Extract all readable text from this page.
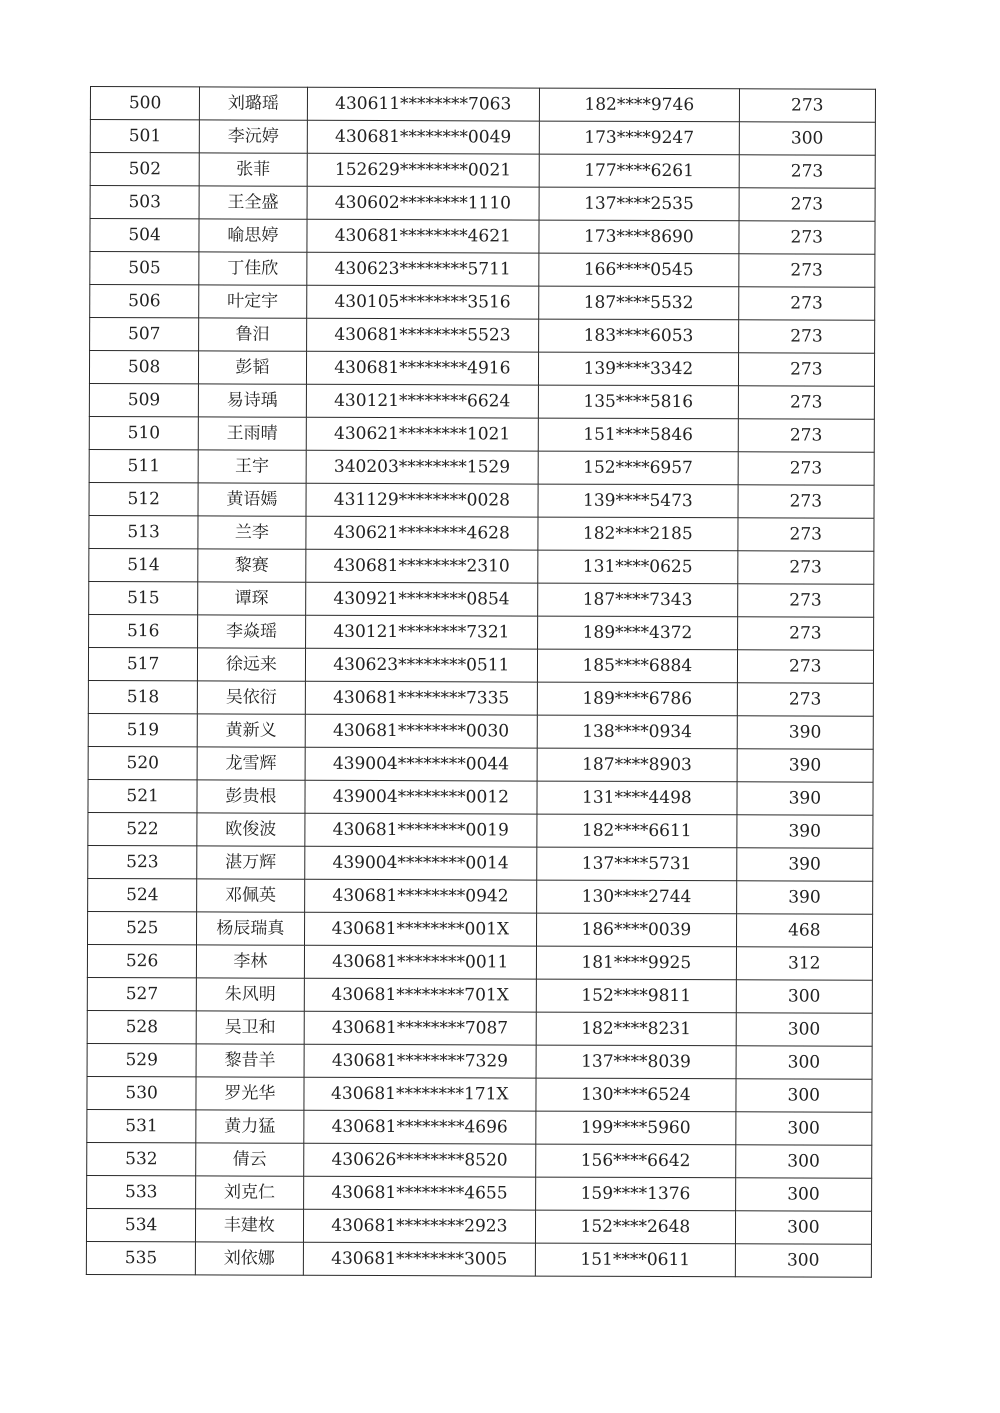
500	刘璐瑶	430611********7063	182****9746	273
501	李沅婷	430681********0049	173****9247	300
502	张菲	152629********0021	177****6261	273
503	王全盛	430602********1110	137****2535	273
504	喻思婷	430681********4621	173****8690	273
505	丁佳欣	430623********5711	166****0545	273
506	叶定宇	430105********3516	187****5532	273
507	鲁汨	430681********5523	183****6053	273
508	彭韬	430681********4916	139****3342	273
509	易诗瑀	430121********6624	135****5816	273
510	王雨晴	430621********1021	151****5846	273
511	王宇	340203********1529	152****6957	273
512	黄语嫣	431129********0028	139****5473	273
513	兰李	430621********4628	182****2185	273
514	黎赛	430681********2310	131****0625	273
515	谭琛	430921********0854	187****7343	273
516	李焱瑶	430121********7321	189****4372	273
517	徐远来	430623********0511	185****6884	273
518	吴依衍	430681********7335	189****6786	273
519	黄新义	430681********0030	138****0934	390
520	龙雪辉	439004********0044	187****8903	390
521	彭贵根	439004********0012	131****4498	390
522	欧俊波	430681********0019	182****6611	390
523	湛万辉	439004********0014	137****5731	390
524	邓佩英	430681********0942	130****2744	390
525	杨辰瑞真	430681********001X	186****0039	468
526	李林	430681********0011	181****9925	312
527	朱风明	430681********701X	152****9811	300
528	吴卫和	430681********7087	182****8231	300
529	黎昔羊	430681********7329	137****8039	300
530	罗光华	430681********171X	130****6524	300
531	黄力猛	430681********4696	199****5960	300
532	倩云	430626********8520	156****6642	300
533	刘克仁	430681********4655	159****1376	300
534	丰建枚	430681********2923	152****2648	300
535	刘依娜	430681********3005	151****0611	300
